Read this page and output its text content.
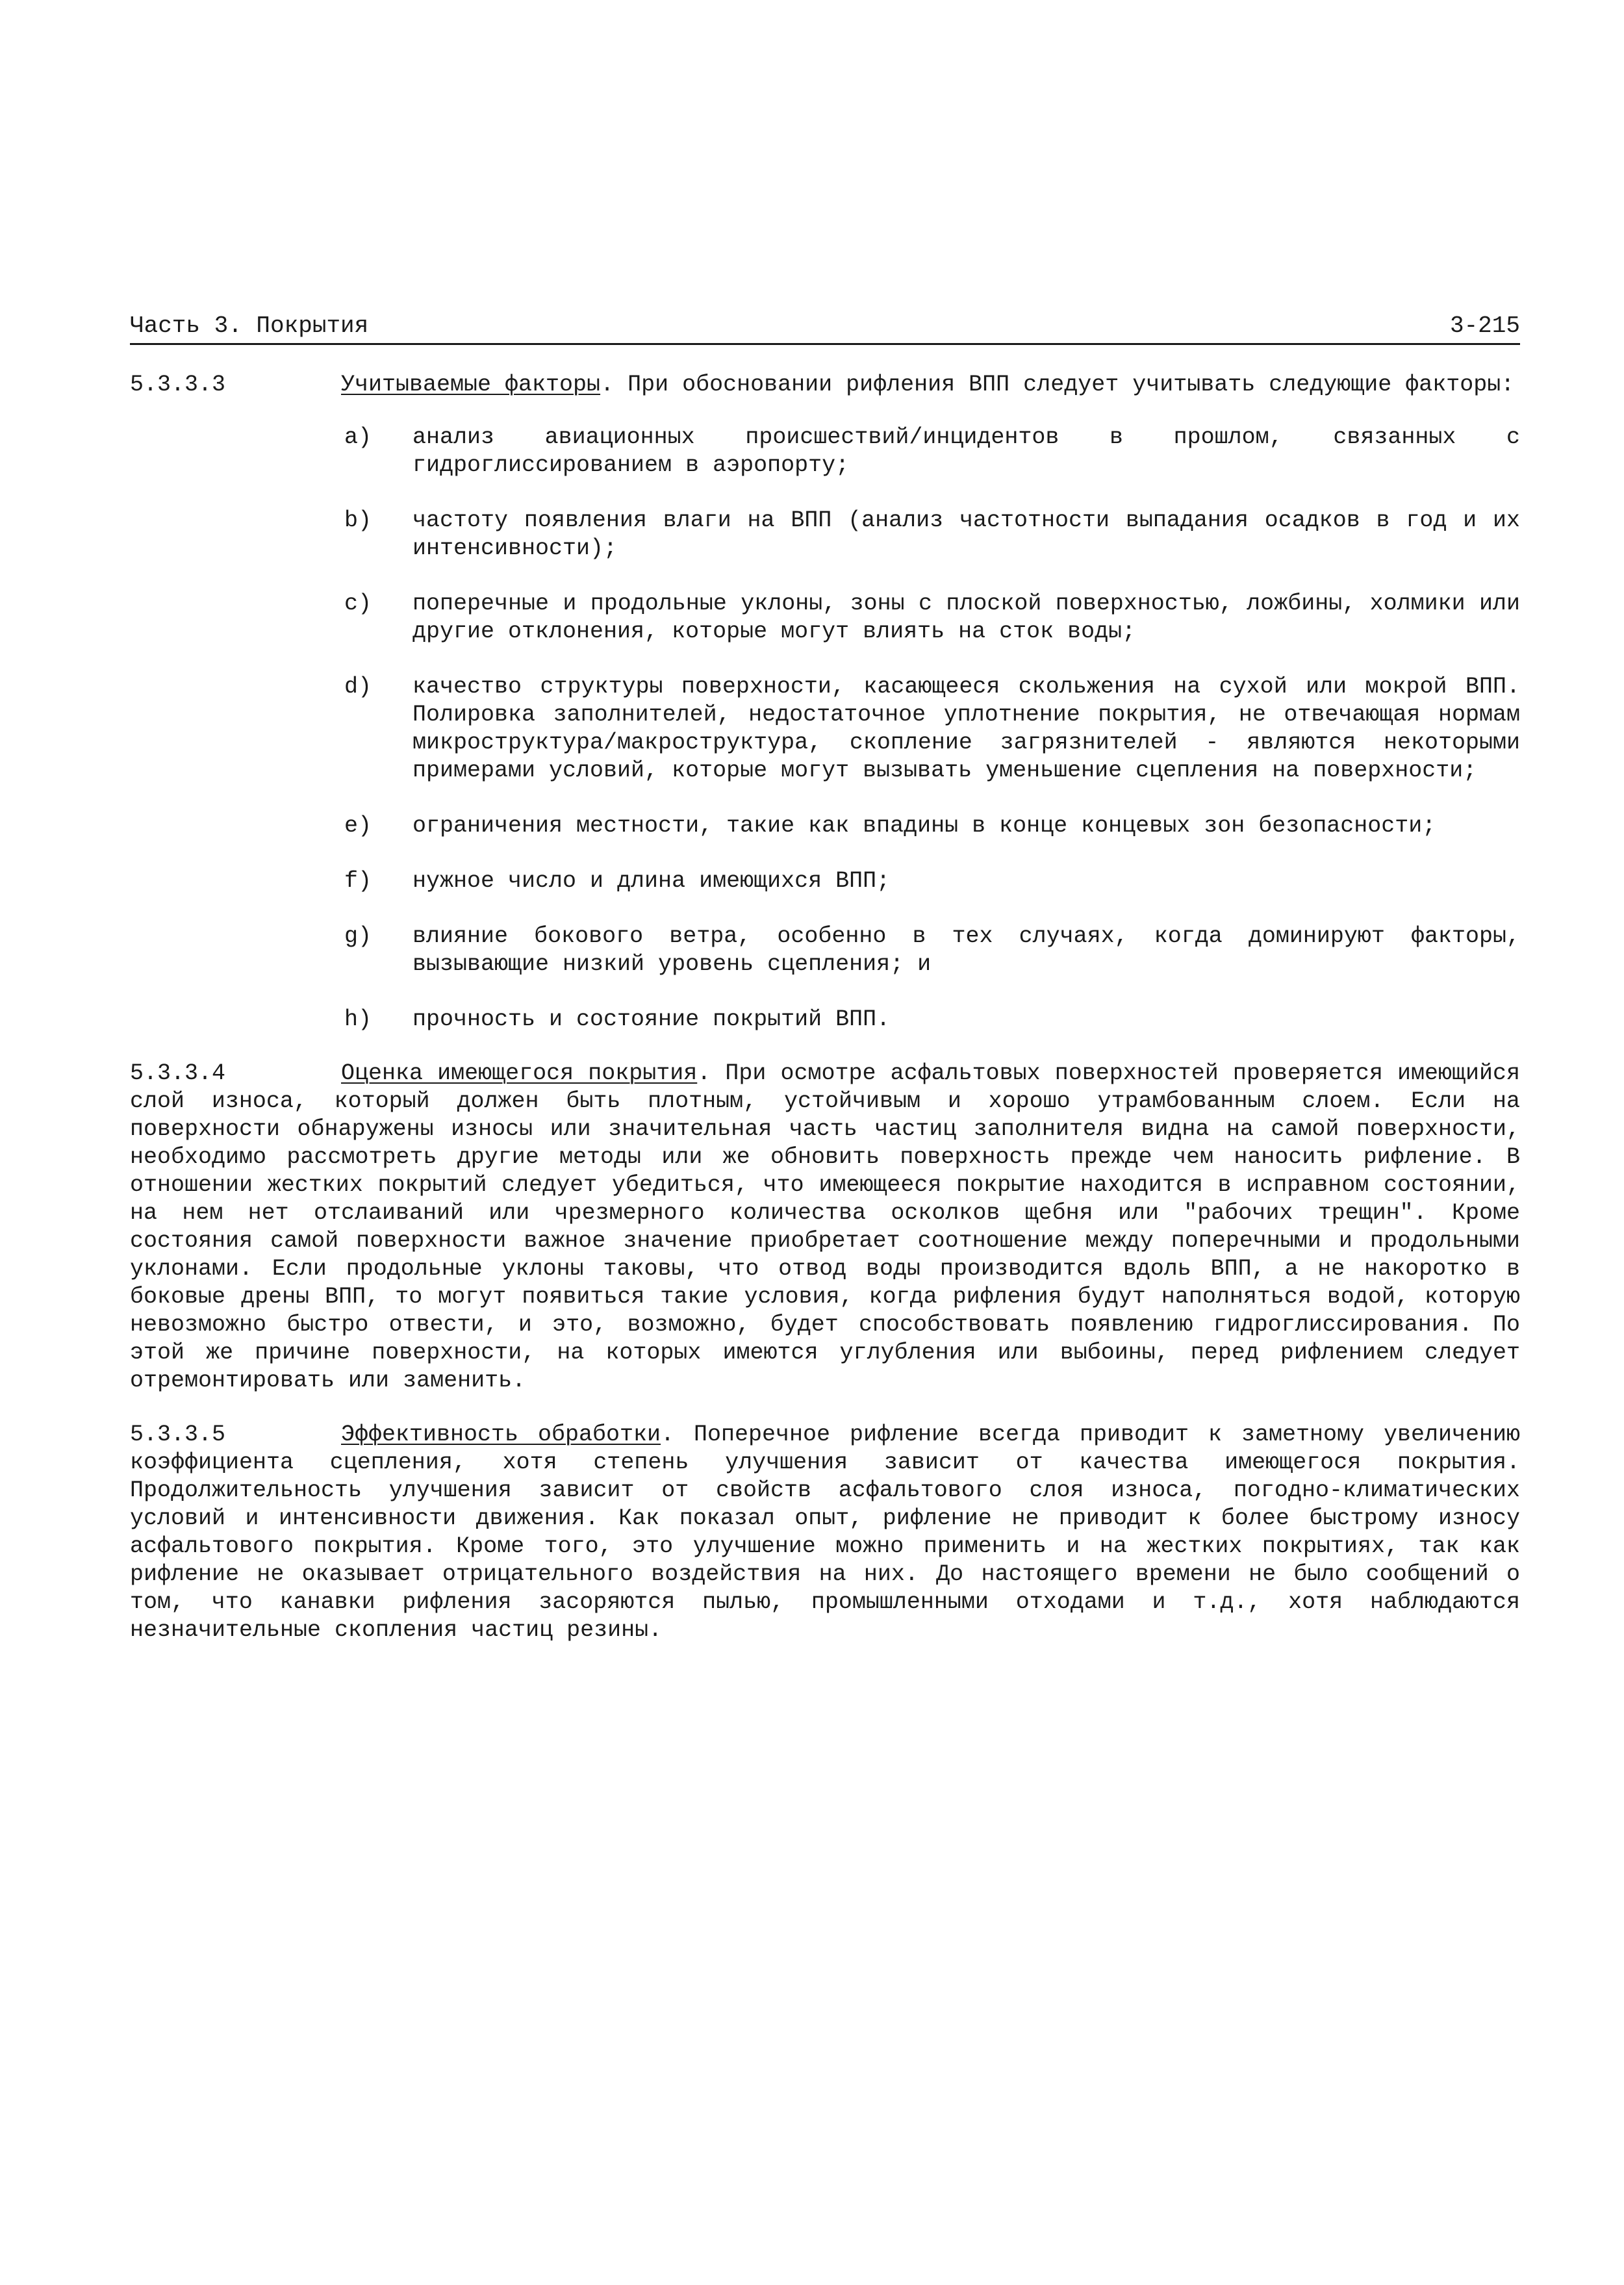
Часть 3. Покрытия	3-215
5.3.3.3	Учитываемые факторы. При обосновании рифления ВПП следует учитывать следующие факторы:
a)	анализ авиационных происшествий/инцидентов в прошлом, связанных с гидроглиссированием в аэропорту;
b)	частоту появления влаги на ВПП (анализ частотности выпадания осадков в год и их интенсивности);
c)	поперечные и продольные уклоны, зоны с плоской поверхностью, ложбины, холмики или другие отклонения, которые могут влиять на сток воды;
d)	качество структуры поверхности, касающееся скольжения на сухой или мокрой ВПП. Полировка заполнителей, недостаточное уплотнение покрытия, не отвечающая нормам микроструктура/макроструктура, скопление загрязнителей - являются некоторыми примерами условий, которые могут вызывать уменьшение сцепления на поверхности;
e)	ограничения местности, такие как впадины в конце концевых зон безопасности;
f)	нужное число и длина имеющихся ВПП;
g)	влияние бокового ветра, особенно в тех случаях, когда доминируют факторы, вызывающие низкий уровень сцепления; и
h)	прочность и состояние покрытий ВПП.
5.3.3.4	Оценка имеющегося покрытия. При осмотре асфальтовых поверхностей проверяется имеющийся слой износа, который должен быть плотным, устойчивым и хорошо утрамбованным слоем. Если на поверхности обнаружены износы или значительная часть частиц заполнителя видна на самой поверхности, необходимо рассмотреть другие методы или же обновить поверхность прежде чем наносить рифление. В отношении жестких покрытий следует убедиться, что имеющееся покрытие находится в исправном состоянии, на нем нет отслаиваний или чрезмерного количества осколков щебня или "рабочих трещин". Кроме состояния самой поверхности важное значение приобретает соотношение между поперечными и продольными уклонами. Если продольные уклоны таковы, что отвод воды производится вдоль ВПП, а не накоротко в боковые дрены ВПП, то могут появиться такие условия, когда рифления будут наполняться водой, которую невозможно быстро отвести, и это, возможно, будет способствовать появлению гидроглиссирования. По этой же причине поверхности, на которых имеются углубления или выбоины, перед рифлением следует отремонтировать или заменить.
5.3.3.5	Эффективность обработки. Поперечное рифление всегда приводит к заметному увеличению коэффициента сцепления, хотя степень улучшения зависит от качества имеющегося покрытия. Продолжительность улучшения зависит от свойств асфальтового слоя износа, погодно-климатических условий и интенсивности движения. Как показал опыт, рифление не приводит к более быстрому износу асфальтового покрытия. Кроме того, это улучшение можно применить и на жестких покрытиях, так как рифление не оказывает отрицательного воздействия на них. До настоящего времени не было сообщений о том, что канавки рифления засоряются пылью, промышленными отходами и т.д., хотя наблюдаются незначительные скопления частиц резины.
